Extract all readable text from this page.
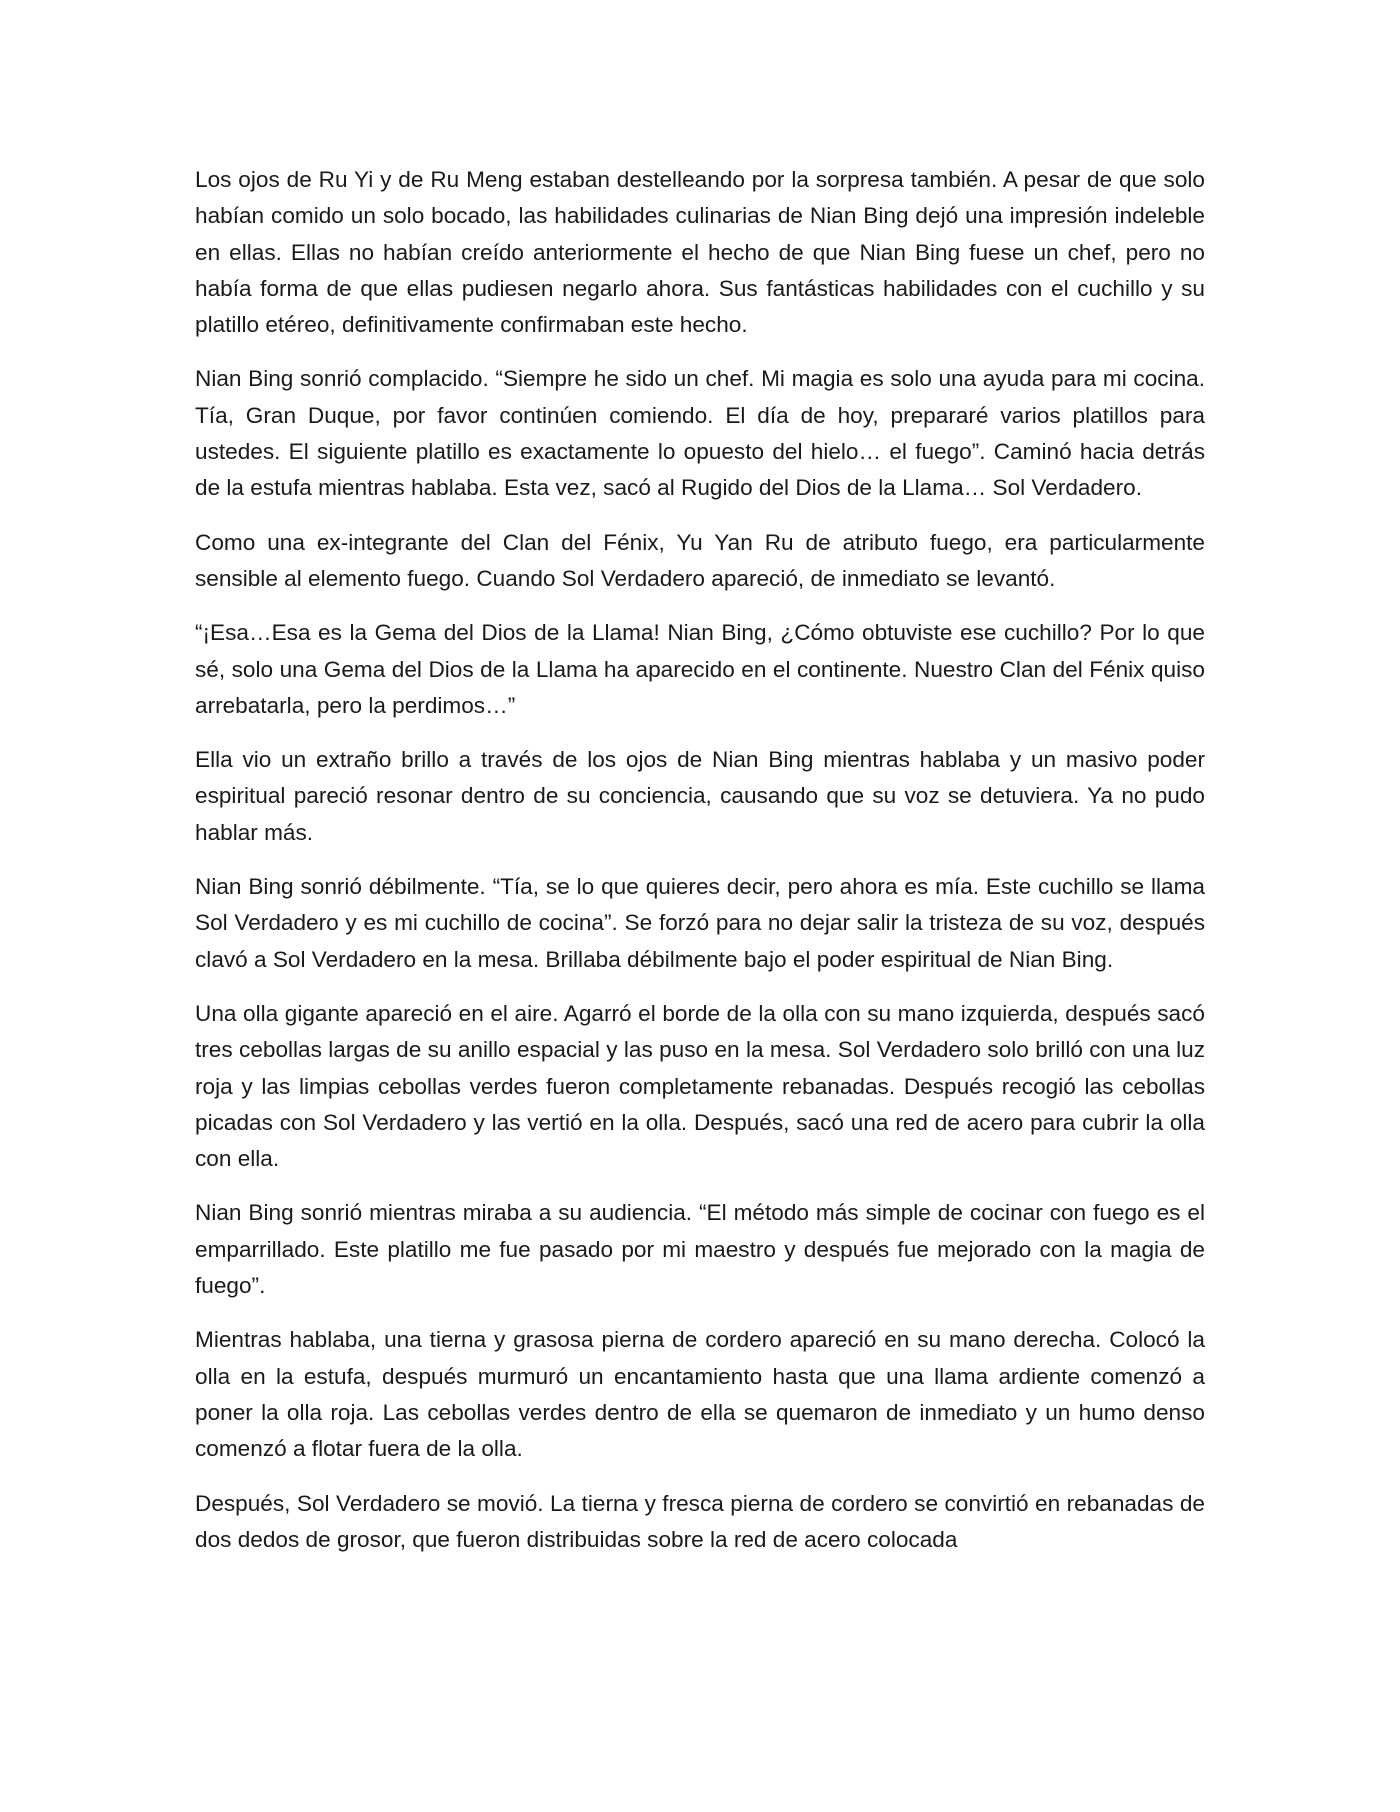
Los ojos de Ru Yi y de Ru Meng estaban destelleando por la sorpresa también. A pesar de que solo habían comido un solo bocado, las habilidades culinarias de Nian Bing dejó una impresión indeleble en ellas. Ellas no habían creído anteriormente el hecho de que Nian Bing fuese un chef, pero no había forma de que ellas pudiesen negarlo ahora. Sus fantásticas habilidades con el cuchillo y su platillo etéreo, definitivamente confirmaban este hecho.

Nian Bing sonrió complacido. “Siempre he sido un chef. Mi magia es solo una ayuda para mi cocina. Tía, Gran Duque, por favor continúen comiendo. El día de hoy, prepararé varios platillos para ustedes. El siguiente platillo es exactamente lo opuesto del hielo… el fuego”. Caminó hacia detrás de la estufa mientras hablaba. Esta vez, sacó al Rugido del Dios de la Llama… Sol Verdadero.

Como una ex-integrante del Clan del Fénix, Yu Yan Ru de atributo fuego, era particularmente sensible al elemento fuego. Cuando Sol Verdadero apareció, de inmediato se levantó.

“¡Esa…Esa es la Gema del Dios de la Llama! Nian Bing, ¿Cómo obtuviste ese cuchillo? Por lo que sé, solo una Gema del Dios de la Llama ha aparecido en el continente. Nuestro Clan del Fénix quiso arrebatarla, pero la perdimos…”

Ella vio un extraño brillo a través de los ojos de Nian Bing mientras hablaba y un masivo poder espiritual pareció resonar dentro de su conciencia, causando que su voz se detuviera. Ya no pudo hablar más.

Nian Bing sonrió débilmente. “Tía, se lo que quieres decir, pero ahora es mía. Este cuchillo se llama Sol Verdadero y es mi cuchillo de cocina”. Se forzó para no dejar salir la tristeza de su voz, después clavó a Sol Verdadero en la mesa. Brillaba débilmente bajo el poder espiritual de Nian Bing.

Una olla gigante apareció en el aire. Agarró el borde de la olla con su mano izquierda, después sacó tres cebollas largas de su anillo espacial y las puso en la mesa. Sol Verdadero solo brilló con una luz roja y las limpias cebollas verdes fueron completamente rebanadas. Después recogió las cebollas picadas con Sol Verdadero y las vertió en la olla. Después, sacó una red de acero para cubrir la olla con ella.

Nian Bing sonrió mientras miraba a su audiencia. “El método más simple de cocinar con fuego es el emparrillado. Este platillo me fue pasado por mi maestro y después fue mejorado con la magia de fuego”.

Mientras hablaba, una tierna y grasosa pierna de cordero apareció en su mano derecha. Colocó la olla en la estufa, después murmuró un encantamiento hasta que una llama ardiente comenzó a poner la olla roja. Las cebollas verdes dentro de ella se quemaron de inmediato y un humo denso comenzó a flotar fuera de la olla.

Después, Sol Verdadero se movió. La tierna y fresca pierna de cordero se convirtió en rebanadas de dos dedos de grosor, que fueron distribuidas sobre la red de acero colocada
